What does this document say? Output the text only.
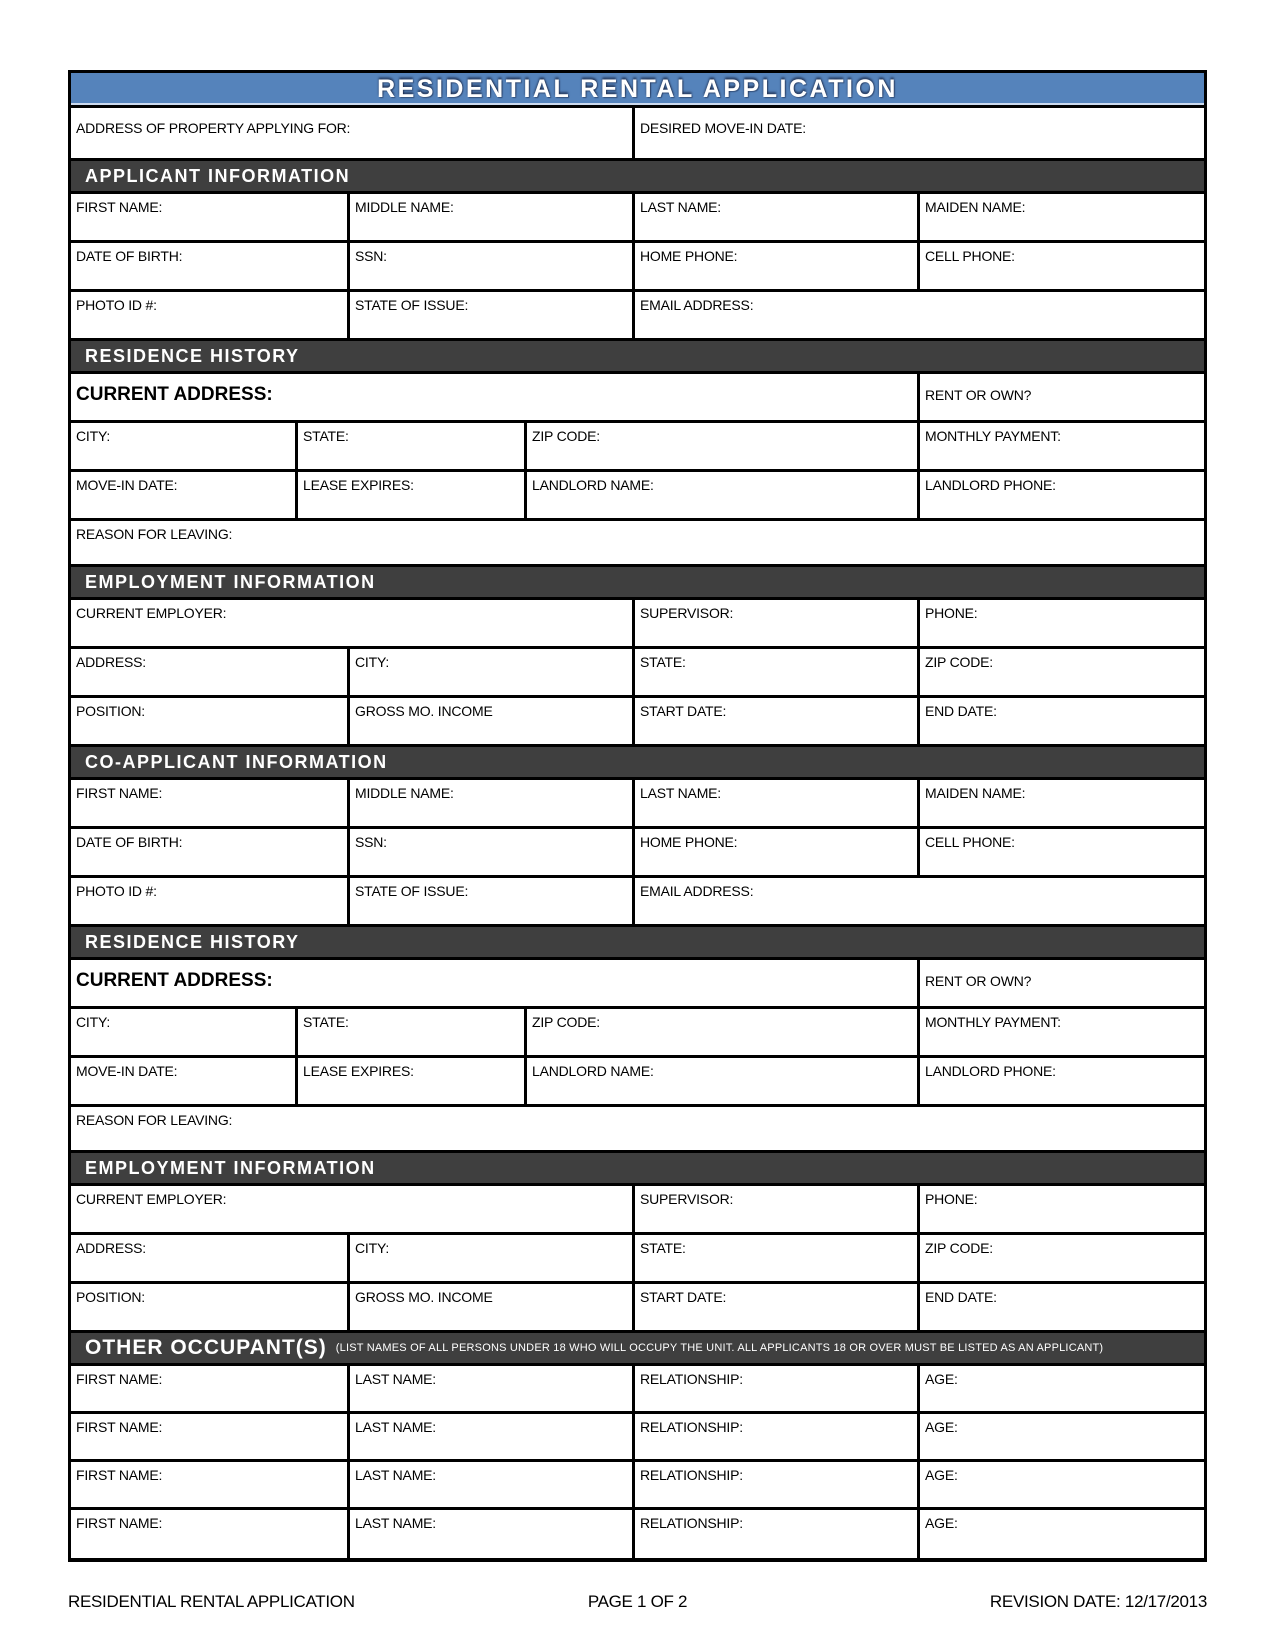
RESIDENTIAL RENTAL APPLICATION
ADDRESS OF PROPERTY APPLYING FOR:	DESIRED MOVE-IN DATE:
APPLICANT INFORMATION
FIRST NAME:	MIDDLE NAME:	LAST NAME:	MAIDEN NAME:
DATE OF BIRTH:	SSN:	HOME PHONE:	CELL PHONE:
PHOTO ID #:	STATE OF ISSUE:	EMAIL ADDRESS:
RESIDENCE HISTORY
CURRENT ADDRESS:	RENT OR OWN?
CITY:	STATE:	ZIP CODE:	MONTHLY PAYMENT:
MOVE-IN DATE:	LEASE EXPIRES:	LANDLORD NAME:	LANDLORD PHONE:
REASON FOR LEAVING:
EMPLOYMENT INFORMATION
CURRENT EMPLOYER:	SUPERVISOR:	PHONE:
ADDRESS:	CITY:	STATE:	ZIP CODE:
POSITION:	GROSS MO. INCOME	START DATE:	END DATE:
CO-APPLICANT INFORMATION
FIRST NAME:	MIDDLE NAME:	LAST NAME:	MAIDEN NAME:
DATE OF BIRTH:	SSN:	HOME PHONE:	CELL PHONE:
PHOTO ID #:	STATE OF ISSUE:	EMAIL ADDRESS:
RESIDENCE HISTORY
CURRENT ADDRESS:	RENT OR OWN?
CITY:	STATE:	ZIP CODE:	MONTHLY PAYMENT:
MOVE-IN DATE:	LEASE EXPIRES:	LANDLORD NAME:	LANDLORD PHONE:
REASON FOR LEAVING:
EMPLOYMENT INFORMATION
CURRENT EMPLOYER:	SUPERVISOR:	PHONE:
ADDRESS:	CITY:	STATE:	ZIP CODE:
POSITION:	GROSS MO. INCOME	START DATE:	END DATE:
OTHER OCCUPANT(S) (LIST NAMES OF ALL PERSONS UNDER 18 WHO WILL OCCUPY THE UNIT. ALL APPLICANTS 18 OR OVER MUST BE LISTED AS AN APPLICANT)
FIRST NAME:	LAST NAME:	RELATIONSHIP:	AGE:
FIRST NAME:	LAST NAME:	RELATIONSHIP:	AGE:
FIRST NAME:	LAST NAME:	RELATIONSHIP:	AGE:
FIRST NAME:	LAST NAME:	RELATIONSHIP:	AGE:
RESIDENTIAL RENTAL APPLICATION	PAGE 1 OF 2	REVISION DATE: 12/17/2013
